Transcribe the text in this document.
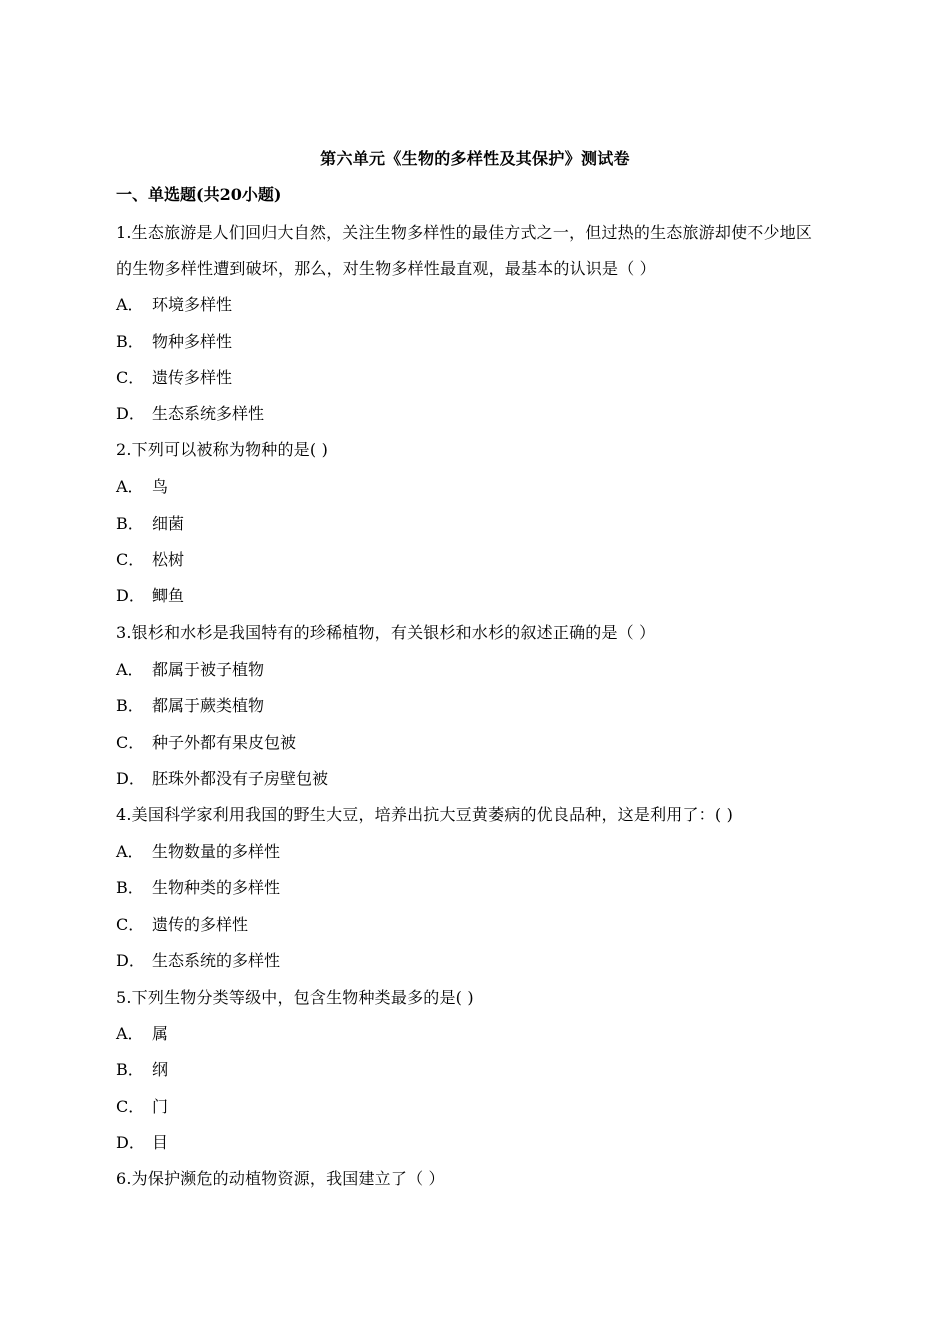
第六单元《生物的多样性及其保护》测试卷
一、单选题(共20小题)
1.生态旅游是人们回归大自然，关注生物多样性的最佳方式之一，但过热的生态旅游却使不少地区
的生物多样性遭到破坏，那么，对生物多样性最直观，最基本的认识是（ ）
A． 环境多样性
B． 物种多样性
C． 遗传多样性
D． 生态系统多样性
2.下列可以被称为物种的是( )
A． 鸟
B． 细菌
C． 松树
D． 鲫鱼
3.银杉和水杉是我国特有的珍稀植物，有关银杉和水杉的叙述正确的是（ ）
A． 都属于被子植物
B． 都属于蕨类植物
C． 种子外都有果皮包被
D． 胚珠外都没有子房壁包被
4.美国科学家利用我国的野生大豆，培养出抗大豆黄萎病的优良品种，这是利用了：( )
A． 生物数量的多样性
B． 生物种类的多样性
C． 遗传的多样性
D． 生态系统的多样性
5.下列生物分类等级中，包含生物种类最多的是( )
A． 属
B． 纲
C． 门
D． 目
6.为保护濒危的动植物资源，我国建立了（ ）
